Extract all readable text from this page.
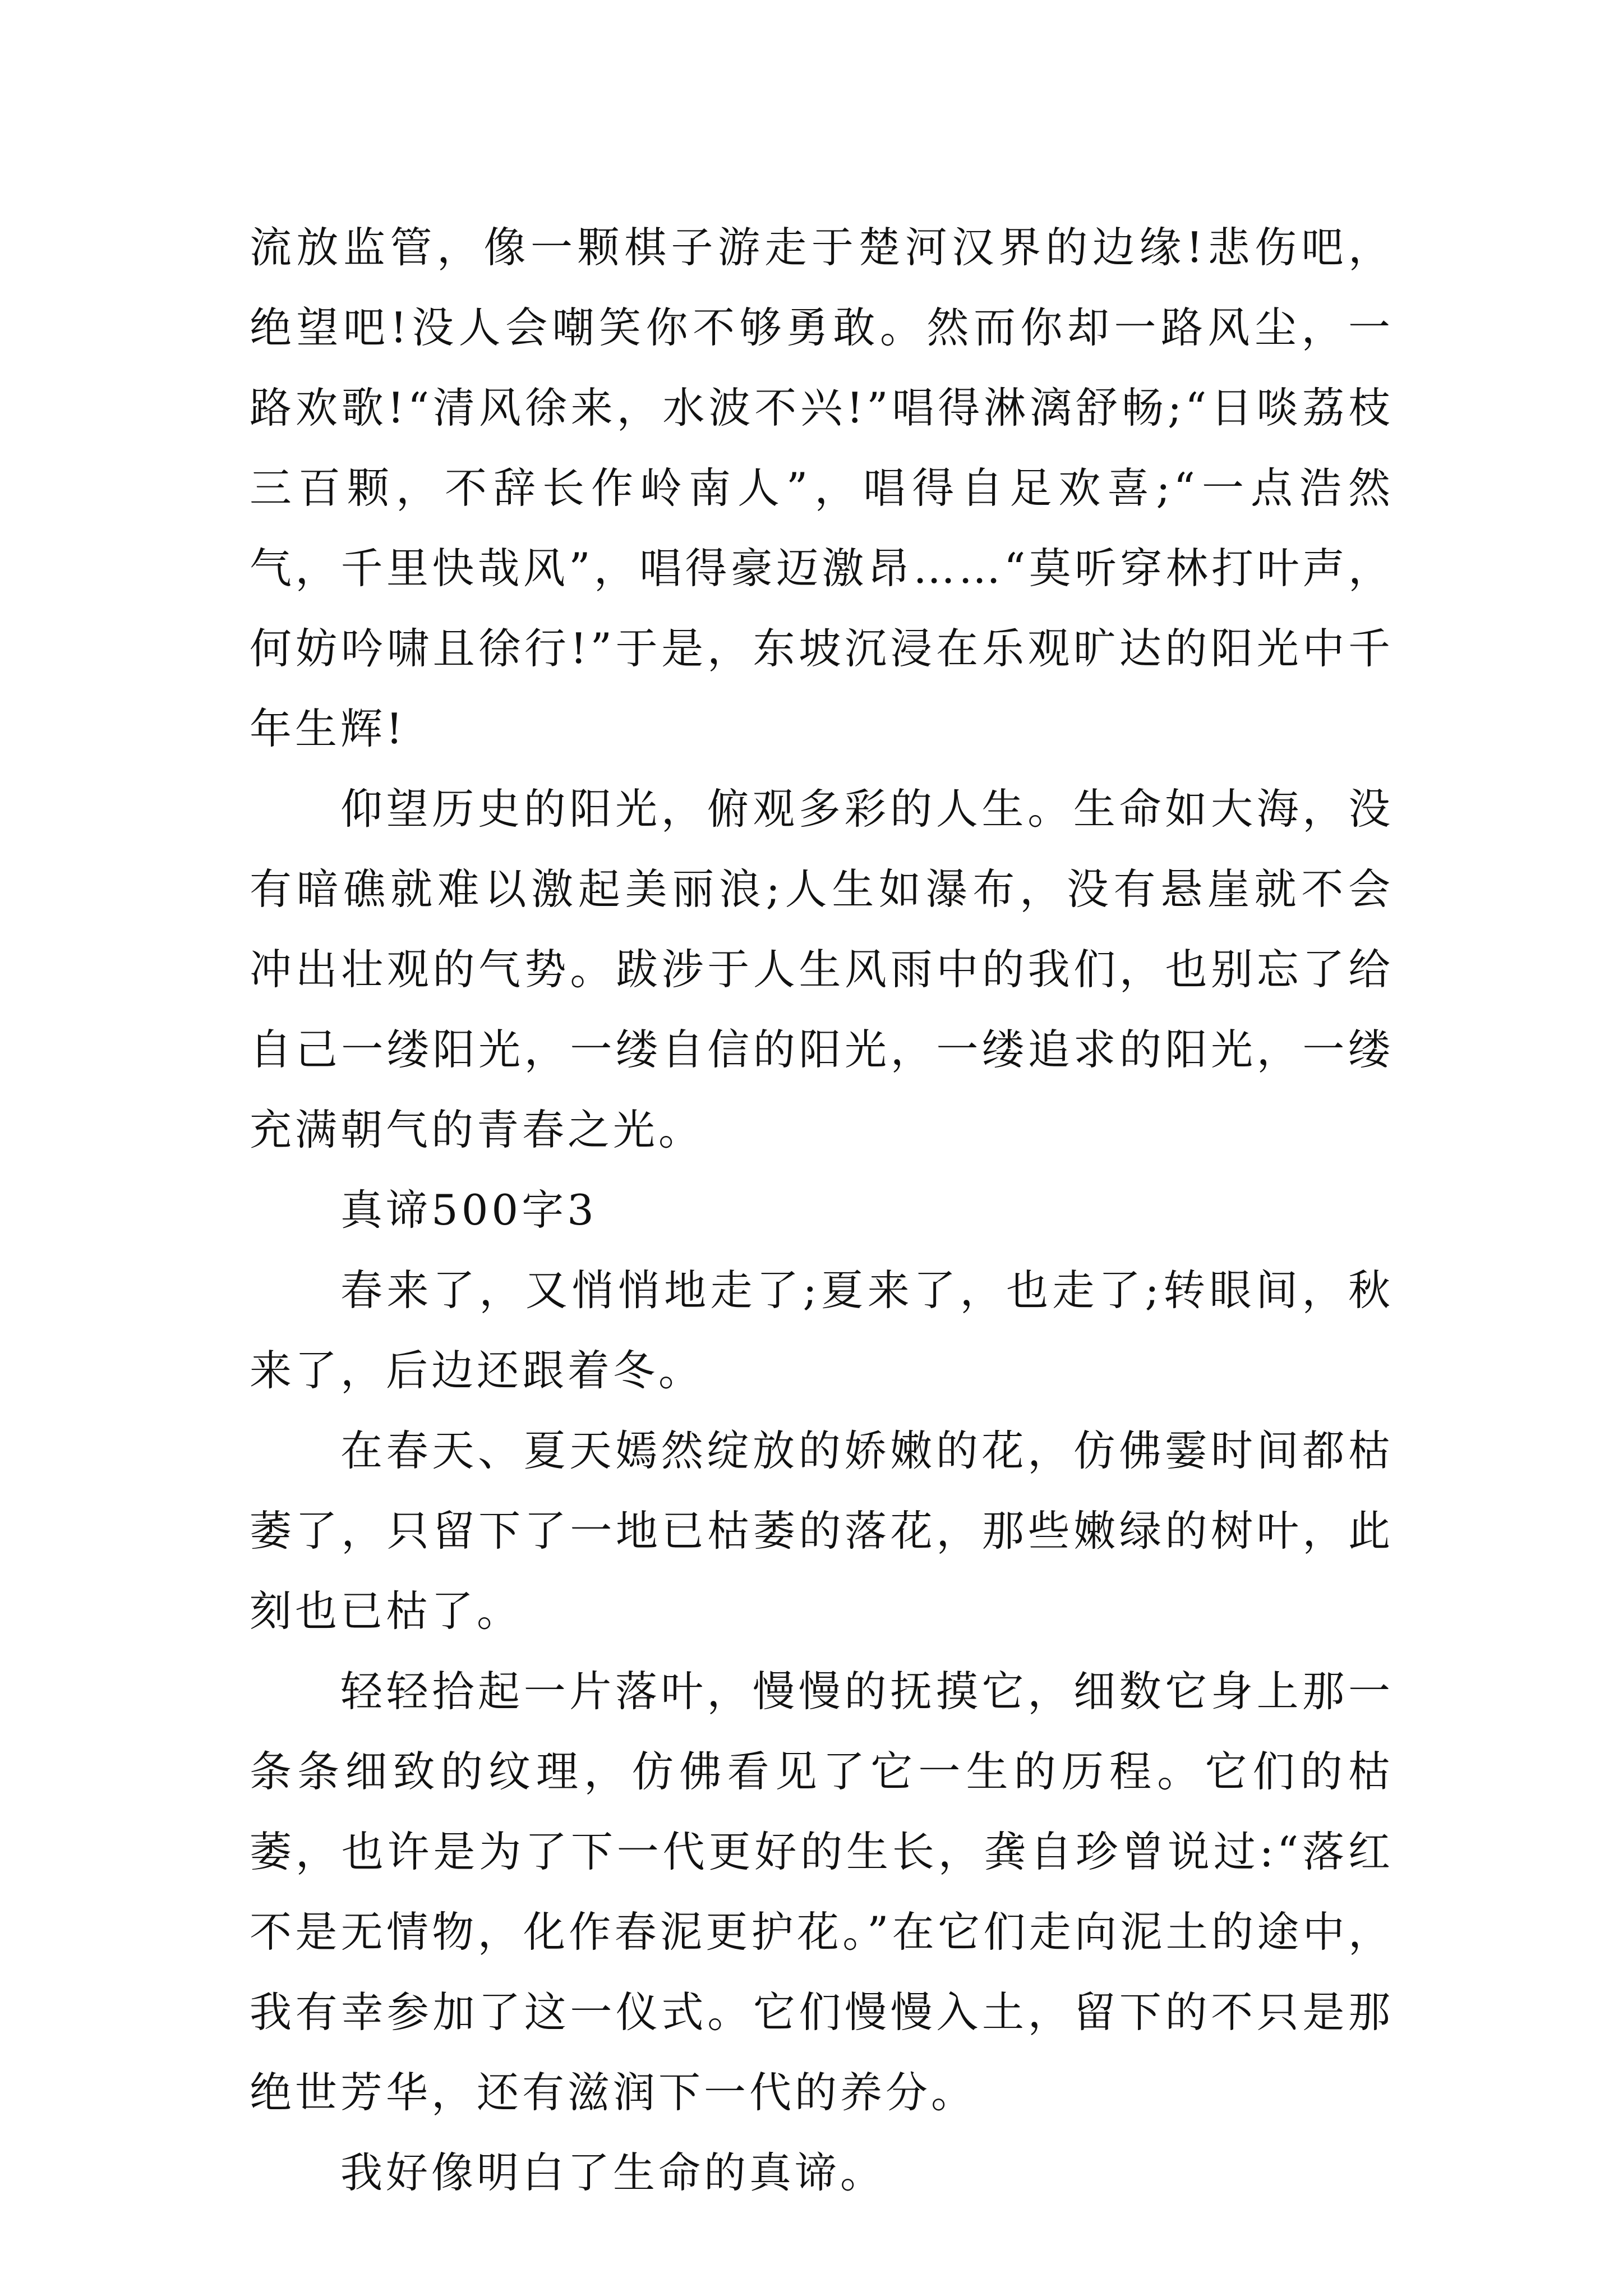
流放监管，像一颗棋子游走于楚河汉界的边缘!悲伤吧，绝望吧!没人会嘲笑你不够勇敢。然而你却一路风尘，一路欢歌!“清风徐来，水波不兴!”唱得淋漓舒畅;“日啖荔枝三百颗，不辞长作岭南人”，唱得自足欢喜;“一点浩然气，千里快哉风”，唱得豪迈激昂……“莫听穿林打叶声，何妨吟啸且徐行!”于是，东坡沉浸在乐观旷达的阳光中千年生辉!

仰望历史的阳光，俯观多彩的人生。生命如大海，没有暗礁就难以激起美丽浪;人生如瀑布，没有悬崖就不会冲出壮观的气势。跋涉于人生风雨中的我们，也别忘了给自己一缕阳光，一缕自信的阳光，一缕追求的阳光，一缕充满朝气的青春之光。

真谛500字3

春来了，又悄悄地走了;夏来了，也走了;转眼间，秋来了，后边还跟着冬。

在春天、夏天嫣然绽放的娇嫩的花，仿佛霎时间都枯萎了，只留下了一地已枯萎的落花，那些嫩绿的树叶，此刻也已枯了。

轻轻拾起一片落叶，慢慢的抚摸它，细数它身上那一条条细致的纹理，仿佛看见了它一生的历程。它们的枯萎，也许是为了下一代更好的生长，龚自珍曾说过:“落红不是无情物，化作春泥更护花。”在它们走向泥土的途中，我有幸参加了这一仪式。它们慢慢入土，留下的不只是那绝世芳华，还有滋润下一代的养分。

我好像明白了生命的真谛。
